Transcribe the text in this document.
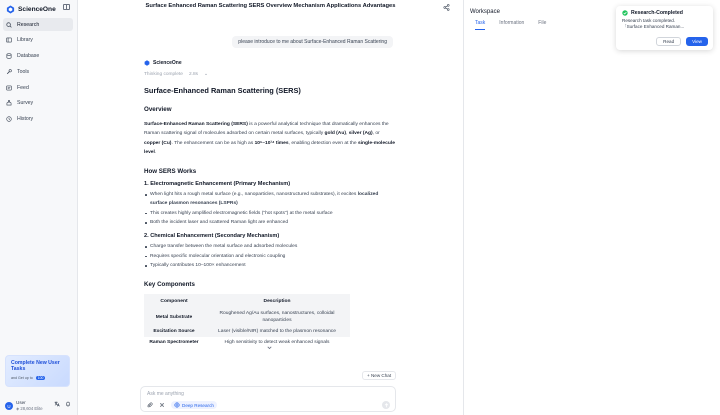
ScienceOne
Research
Library
Database
Tools
Feed
Survey
History
Complete New User Tasks
and Get up to	100
U
User
◈ 28,604 Elite
Surface Enhanced Raman Scattering SERS Overview Mechanism Applications Advantages
please introduce to me about Surface-Enhanced Raman Scattering
ScienceOne
Thinking complete 2.8s ⌄
Surface-Enhanced Raman Scattering (SERS)
Overview

Surface-Enhanced Raman Scattering (SERS) is a powerful analytical technique that dramatically enhances the Raman scattering signal of molecules adsorbed on certain metal surfaces, typically gold (Au), silver (Ag), or copper (Cu). The enhancement can be as high as 10⁶–10¹⁴ times, enabling detection even at the single-molecule level.

How SERS Works
1. Electromagnetic Enhancement (Primary Mechanism)
When light hits a rough metal surface (e.g., nanoparticles, nanostructured substrates), it excites localized surface plasmon resonances (LSPRs)
This creates highly amplified electromagnetic fields ("hot spots") at the metal surface
Both the incident laser and scattered Raman light are enhanced
2. Chemical Enhancement (Secondary Mechanism)
Charge transfer between the metal surface and adsorbed molecules
Requires specific molecular orientation and electronic coupling
Typically contributes 10–100× enhancement
Key Components
Component	Description
Metal Substrate	Roughened Ag/Au surfaces, nanostructures, colloidal nanoparticles
Excitation Source	Laser (visible/NIR) matched to the plasmon resonance
Raman Spectrometer	High sensitivity to detect weak enhanced signals
+ New Chat
Ask me anything
Deep Research
Workspace
Task	Information	File
Research-Completed
Research task completed.
「Surface Enhanced Raman...
Read	View
